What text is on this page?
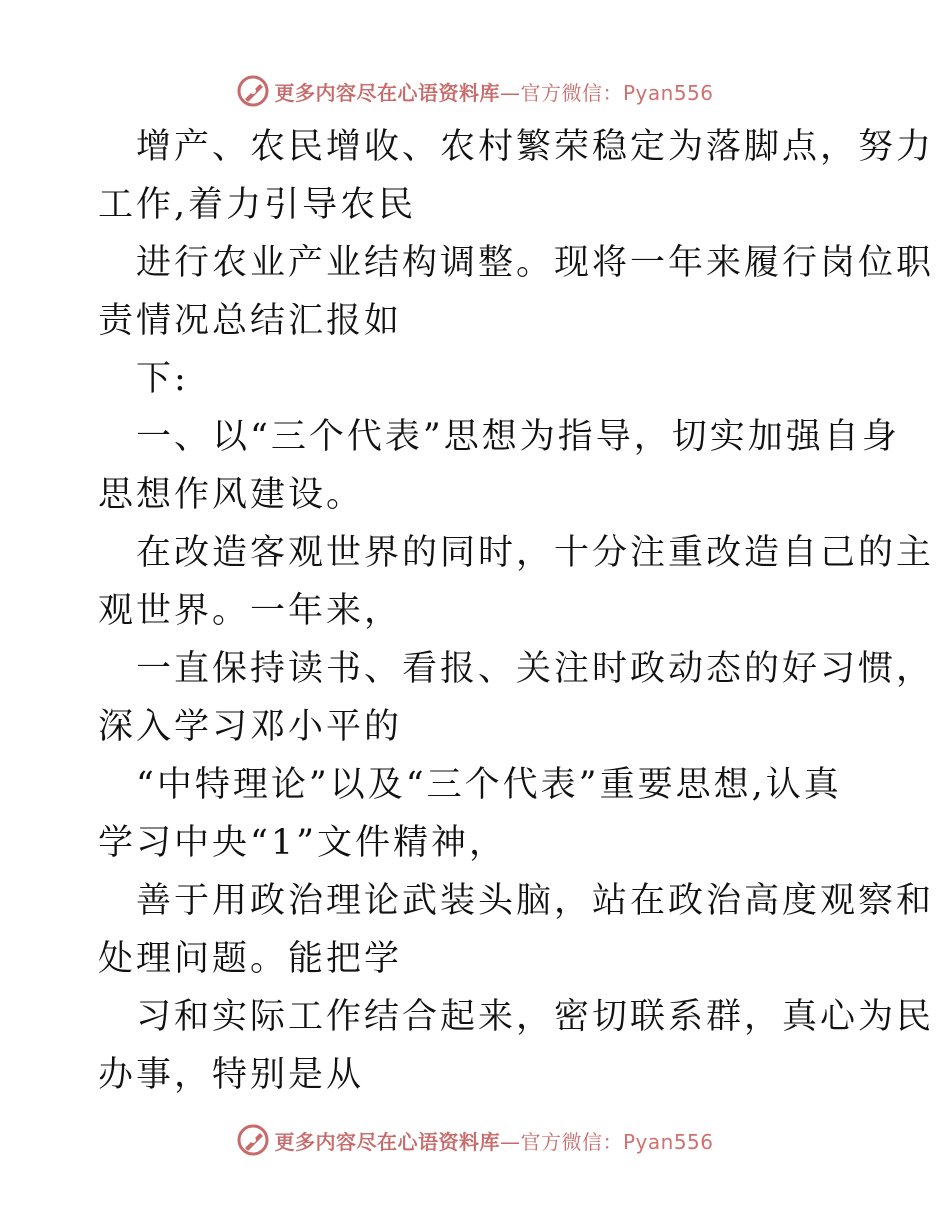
更多内容尽在心语资料库—官方微信：Pyan556
　增产、农民增收、农村繁荣稳定为落脚点，努力
工作,着力引导农民
　进行农业产业结构调整。现将一年来履行岗位职
责情况总结汇报如
　下:
　一、以“三个代表”思想为指导，切实加强自身
思想作风建设。
　在改造客观世界的同时，十分注重改造自己的主
观世界。一年来，
　一直保持读书、看报、关注时政动态的好习惯，
深入学习邓小平的
　“中特理论”以及“三个代表”重要思想,认真
学习中央“1”文件精神，
　善于用政治理论武装头脑，站在政治高度观察和
处理问题。能把学
　习和实际工作结合起来，密切联系群，真心为民
办事，特别是从
更多内容尽在心语资料库—官方微信：Pyan556
